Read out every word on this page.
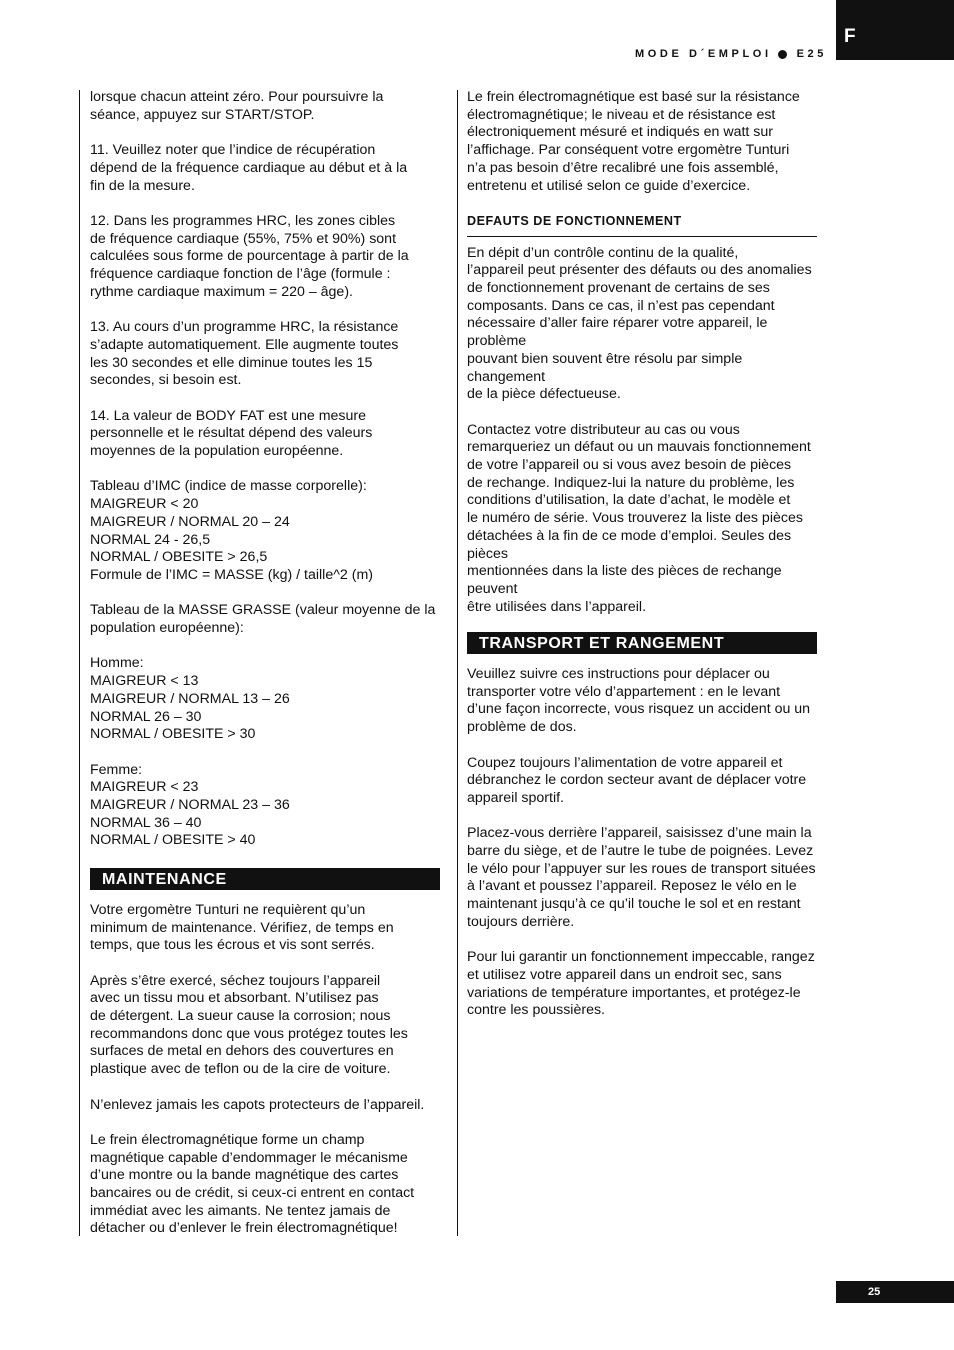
F
MODE D´EMPLOI E25

lorsque chacun atteint zéro. Pour poursuivre la
séance, appuyez sur START/STOP.

11. Veuillez noter que l’indice de récupération
dépend de la fréquence cardiaque au début et à la
fin de la mesure.

12. Dans les programmes HRC, les zones cibles
de fréquence cardiaque (55%, 75% et 90%) sont
calculées sous forme de pourcentage à partir de la
fréquence cardiaque fonction de l’âge (formule :
rythme cardiaque maximum = 220 – âge).

13. Au cours d’un programme HRC, la résistance
s’adapte automatiquement. Elle augmente toutes
les 30 secondes et elle diminue toutes les 15
secondes, si besoin est.

14. La valeur de BODY FAT est une mesure
personnelle et le résultat dépend des valeurs
moyennes de la population européenne.

Tableau d’IMC (indice de masse corporelle):
MAIGREUR < 20
MAIGREUR / NORMAL 20 – 24
NORMAL 24 - 26,5
NORMAL / OBESITE > 26,5
Formule de l’IMC = MASSE (kg) / taille^2 (m)

Tableau de la MASSE GRASSE (valeur moyenne de la
population européenne):

Homme:
MAIGREUR < 13
MAIGREUR / NORMAL 13 – 26
NORMAL 26 – 30
NORMAL / OBESITE > 30

Femme:
MAIGREUR < 23
MAIGREUR / NORMAL 23 – 36
NORMAL 36 – 40
NORMAL / OBESITE > 40

MAINTENANCE

Votre ergomètre Tunturi ne requièrent qu’un
minimum de maintenance. Vérifiez, de temps en
temps, que tous les écrous et vis sont serrés.

Après s’être exercé, séchez toujours l’appareil
avec un tissu mou et absorbant. N’utilisez pas
de détergent. La sueur cause la corrosion; nous
recommandons donc que vous protégez toutes les
surfaces de metal en dehors des couvertures en
plastique avec de teflon ou de la cire de voiture.

N’enlevez jamais les capots protecteurs de l’appareil.

Le frein électromagnétique forme un champ
magnétique capable d’endommager le mécanisme
d’une montre ou la bande magnétique des cartes
bancaires ou de crédit, si ceux-ci entrent en contact
immédiat avec les aimants. Ne tentez jamais de
détacher ou d’enlever le frein électromagnétique!

Le frein électromagnétique est basé sur la résistance
électromagnétique; le niveau et de résistance est
électroniquement mésuré et indiqués en watt sur
l’affichage. Par conséquent votre ergomètre Tunturi
n’a pas besoin d’être recalibré une fois assemblé,
entretenu et utilisé selon ce guide d’exercice.

DEFAUTS DE FONCTIONNEMENT

En dépit d’un contrôle continu de la qualité,
l’appareil peut présenter des défauts ou des anomalies
de fonctionnement provenant de certains de ses
composants. Dans ce cas, il n’est pas cependant
nécessaire d’aller faire réparer votre appareil, le problème
pouvant bien souvent être résolu par simple changement
de la pièce défectueuse.

Contactez votre distributeur au cas ou vous
remarqueriez un défaut ou un mauvais fonctionnement
de votre l’appareil ou si vous avez besoin de pièces
de rechange. Indiquez-lui la nature du problème, les
conditions d’utilisation, la date d’achat, le modèle et
le numéro de série. Vous trouverez la liste des pièces
détachées à la fin de ce mode d’emploi. Seules des pièces
mentionnées dans la liste des pièces de rechange peuvent
être utilisées dans l’appareil.

TRANSPORT ET RANGEMENT

Veuillez suivre ces instructions pour déplacer ou
transporter votre vélo d’appartement : en le levant
d’une façon incorrecte, vous risquez un accident ou un
problème de dos.

Coupez toujours l’alimentation de votre appareil et
débranchez le cordon secteur avant de déplacer votre
appareil sportif.

Placez-vous derrière l’appareil, saisissez d’une main la
barre du siège, et de l’autre le tube de poignées. Levez
le vélo pour l’appuyer sur les roues de transport situées
à l’avant et poussez l’appareil. Reposez le vélo en le
maintenant jusqu’à ce qu’il touche le sol et en restant
toujours derrière.

Pour lui garantir un fonctionnement impeccable, rangez
et utilisez votre appareil dans un endroit sec, sans
variations de température importantes, et protégez-le
contre les poussières.

25
